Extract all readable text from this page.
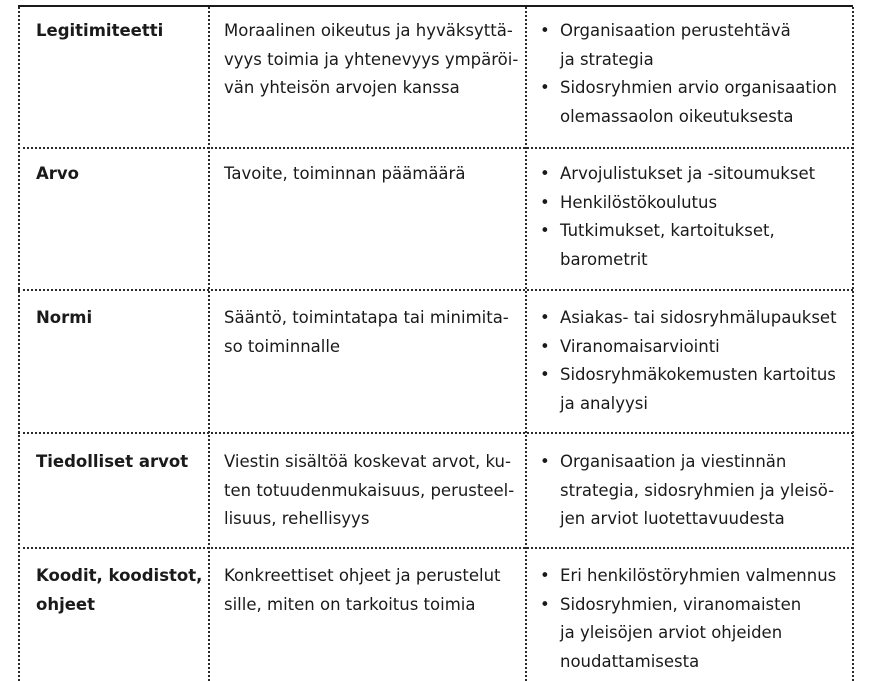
Legitimiteetti	Moraalinen oikeutus ja hyväksyttä-
vyys toimia ja yhtenevyys ympäröi-
vän yhteisön arvojen kanssa
• Organisaation perustehtävä
ja strategia
• Sidosryhmien arvio organisaation
olemassaolon oikeutuksesta
Arvo	Tavoite, toiminnan päämäärä
•	Arvojulistukset ja -sitoumukset
• Henkilöstökoulutus
• Tutkimukset, kartoitukset,
barometrit
Normi	Sääntö, toimintatapa tai minimita-
so toiminnalle
• Asiakas- tai sidosryhmälupaukset
• Viranomaisarviointi
• Sidosryhmäkokemusten kartoitus
ja analyysi
Tiedolliset arvot Viestin sisältöä koskevat arvot, ku-
ten totuudenmukaisuus, perusteel-
lisuus, rehellisyys
• Organisaation ja viestinnän
strategia, sidosryhmien ja yleisö-
jen arviot luotettavuudesta
Koodit, koodistot,
ohjeet
Konkreettiset ohjeet ja perustelut
sille, miten on tarkoitus toimia
• Eri henkilöstöryhmien valmennus
• Sidosryhmien, viranomaisten
ja yleisöjen arviot ohjeiden
noudattamisesta
